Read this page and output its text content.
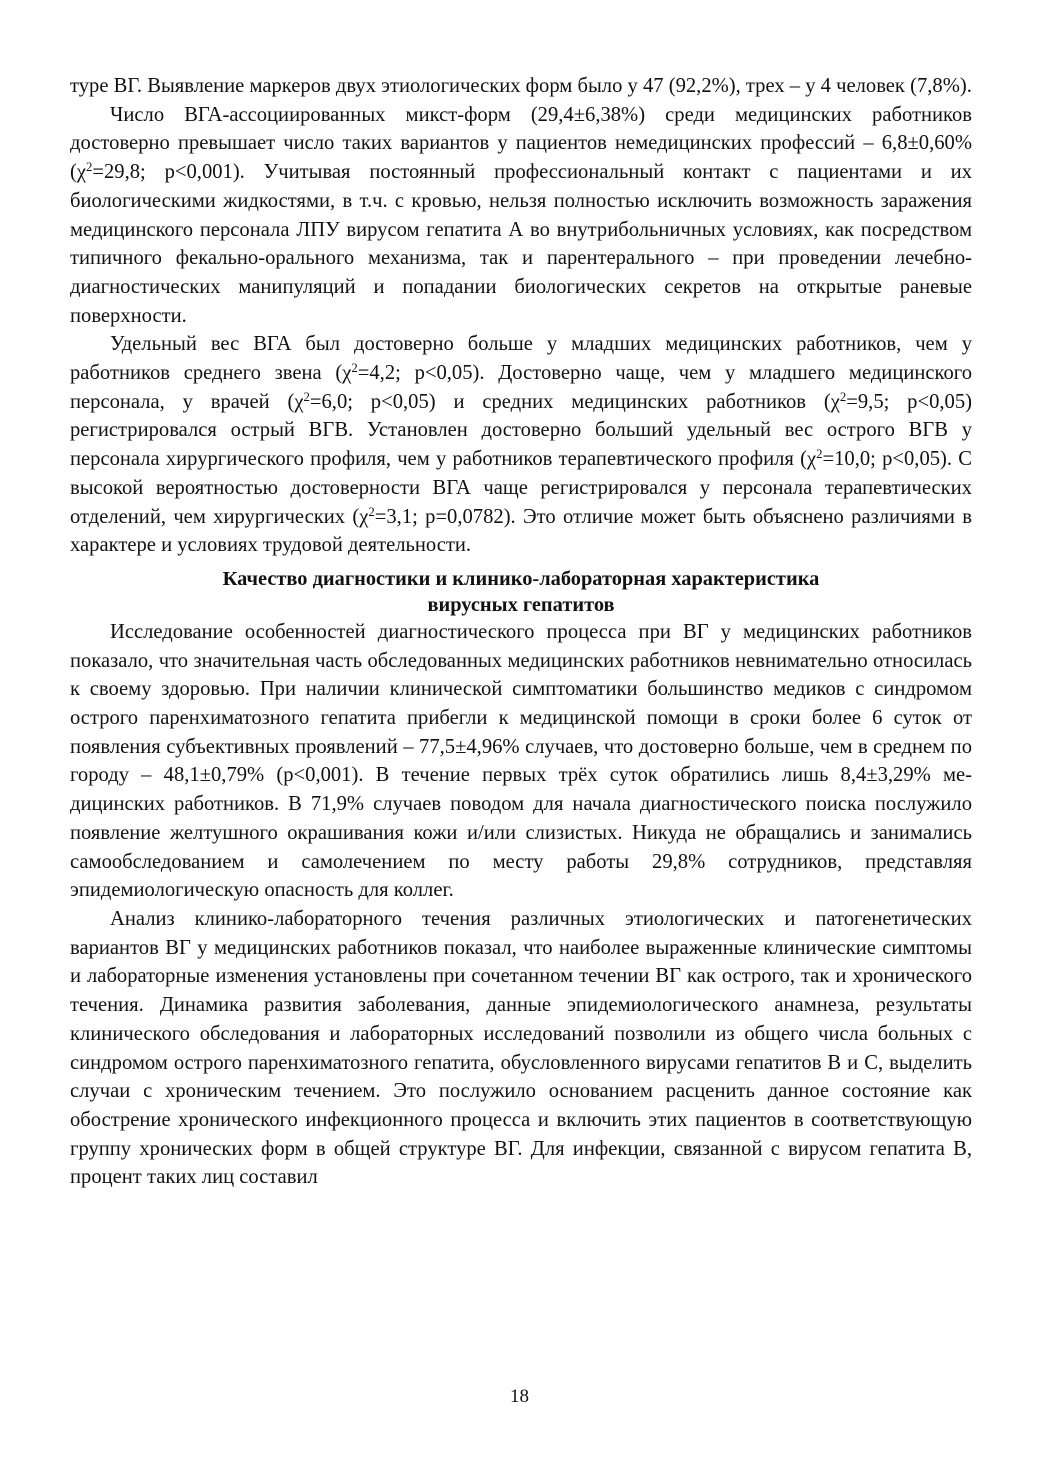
туре ВГ. Выявление маркеров двух этиологических форм было у 47 (92,2%), трех – у 4 человек (7,8%).

Число ВГА-ассоциированных микст-форм (29,4±6,38%) среди медицинских работников достоверно превышает число таких вариантов у пациентов немедицинских профессий – 6,8±0,60% ($\chi^2=29,8$; p<0,001). Учитывая постоянный профессиональный контакт с пациентами и их биологическими жидкостями, в т.ч. с кровью, нельзя полностью исключить возможность заражения медицинского персонала ЛПУ вирусом гепатита А во внутрибольничных условиях, как посредством типичного фекально-орального механизма, так и парентерального – при проведении лечебно-диагностических манипуляций и попадании биологических секретов на открытые раневые поверхности.

Удельный вес ВГА был достоверно больше у младших медицинских работников, чем у работников среднего звена ($\chi^2=4,2$; p<0,05). Достоверно чаще, чем у младшего медицинского персонала, у врачей ($\chi^2=6,0$; p<0,05) и средних медицинских работников ($\chi^2=9,5$; p<0,05) регистрировался острый ВГВ. Установлен достоверно больший удельный вес острого ВГВ у персонала хирургического профиля, чем у работников терапевтического профиля ($\chi^2=10,0$; p<0,05). С высокой вероятностью достоверности ВГА чаще регистрировался у персонала терапевтических отделений, чем хирургических ($\chi^2=3,1$; p=0,0782). Это отличие может быть объяснено различиями в характере и условиях трудовой деятельности.

Качество диагностики и клинико-лабораторная характеристика
вирусных гепатитов

Исследование особенностей диагностического процесса при ВГ у медицинских работников показало, что значительная часть обследованных медицинских работников невнимательно относилась к своему здоровью. При наличии клинической симптоматики большинство медиков с синдромом острого паренхиматозного гепатита прибегли к медицинской помощи в сроки более 6 суток от появления субъективных проявлений – 77,5±4,96% случаев, что достоверно больше, чем в среднем по городу – 48,1±0,79% (p<0,001). В течение первых трёх суток обратились лишь 8,4±3,29% медицинских работников. В 71,9% случаев поводом для начала диагностического поиска послужило появление желтушного окрашивания кожи и/или слизистых. Никуда не обращались и занимались самообследованием и самолечением по месту работы 29,8% сотрудников, представляя эпидемиологическую опасность для коллег.

Анализ клинико-лабораторного течения различных этиологических и патогенетических вариантов ВГ у медицинских работников показал, что наиболее выраженные клинические симптомы и лабораторные изменения установлены при сочетанном течении ВГ как острого, так и хронического течения. Динамика развития заболевания, данные эпидемиологического анамнеза, результаты клинического обследования и лабораторных исследований позволили из общего числа больных с синдромом острого паренхиматозного гепатита, обусловленного вирусами гепатитов В и С, выделить случаи с хроническим течением. Это послужило основанием расценить данное состояние как обострение хронического инфекционного процесса и включить этих пациентов в соответствующую группу хронических форм в общей структуре ВГ. Для инфекции, связанной с вирусом гепатита В, процент таких лиц составил

18
